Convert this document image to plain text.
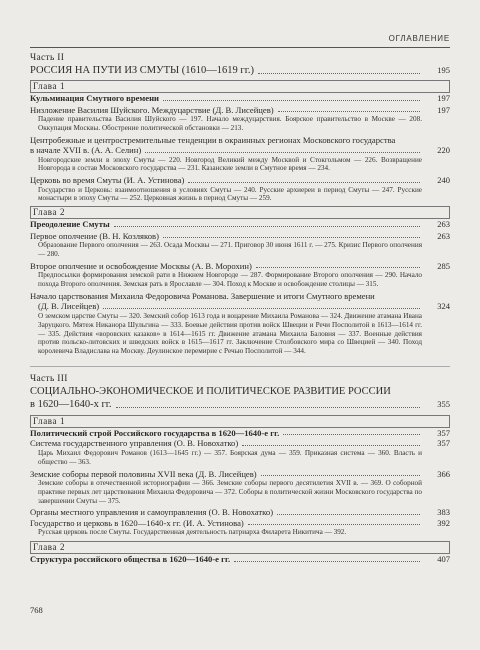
ОГЛАВЛЕНИЕ
Часть II
РОССИЯ НА ПУТИ ИЗ СМУТЫ (1610—1619 гг.)	195
Глава 1
Кульминация Смутного времени	197
Низложение Василия Шуйского. Междуцарствие (Д. В. Лисейцев)	197
Падение правительства Василия Шуйского — 197. Начало междуцарствия. Боярское правительство в Москве — 208. Оккупация Москвы. Обострение политической обстановки — 213.
Центробежные и центростремительные тенденции в окраинных регионах Московского государства
в начале XVII в. (А. А. Селин)	220
Новгородские земли в эпоху Смуты — 220. Новгород Великий между Москвой и Стокгольмом — 226. Возвращение Новгорода в состав Московского государства — 231. Казанские земли в Смутное время — 234.
Церковь во время Смуты (И. А. Устинова)	240
Государство и Церковь: взаимоотношения в условиях Смуты — 240. Русские архиереи в период Смуты — 247. Русские монастыри в эпоху Смуты — 252. Церковная жизнь в период Смуты — 259.
Глава 2
Преодоление Смуты	263
Первое ополчение (В. Н. Козляков)	263
Образование Первого ополчения — 263. Осада Москвы — 271. Приговор 30 июня 1611 г. — 275. Кризис Первого ополчения — 280.
Второе ополчение и освобождение Москвы (А. В. Морохин)	285
Предпосылки формирования земской рати в Нижнем Новгороде — 287. Формирование Второго ополчения — 290. Начало похода Второго ополчения. Земская рать в Ярославле — 304. Поход к Москве и освобождение столицы — 315.
Начало царствования Михаила Федоровича Романова. Завершение и итоги Смутного времени
(Д. В. Лисейцев)	324
О земском царстве Смуты — 320. Земский собор 1613 года и воцарение Михаила Романова — 324. Движение атамана Ивана Заруцкого. Мятеж Никанора Шульгина — 333. Боевые действия против войск Швеции и Речи Посполитой в 1613—1614 гг. — 335. Действия «воровских казаков» в 1614—1615 гг. Движение атамана Михаила Баловня — 337. Военные действия против польско-литовских и шведских войск в 1615—1617 гг. Заключение Столбовского мира со Швецией — 340. Поход королевича Владислава на Москву. Деулинское перемирие с Речью Посполитой — 344.
Часть III
СОЦИАЛЬНО-ЭКОНОМИЧЕСКОЕ И ПОЛИТИЧЕСКОЕ РАЗВИТИЕ РОССИИ
в 1620—1640-х гг.	355
Глава 1
Политический строй Российского государства в 1620—1640-е гг.	357
Система государственного управления (О. В. Новохатко)	357
Царь Михаил Федорович Романов (1613—1645 гг.) — 357. Боярская дума — 359. Приказная система — 360. Власть и общество — 363.
Земские соборы первой половины XVII века (Д. В. Лисейцев)	366
Земские соборы в отечественной историографии — 366. Земские соборы первого десятилетия XVII в. — 369. О соборной практике первых лет царствования Михаила Федоровича — 372. Соборы в политической жизни Московского государства по завершении Смуты — 375.
Органы местного управления и самоуправления (О. В. Новохатко)	383
Государство и церковь в 1620—1640-х гг. (И. А. Устинова)	392
Русская церковь после Смуты. Государственная деятельность патриарха Филарета Никитича — 392.
Глава 2
Структура российского общества в 1620—1640-е гг.	407
768
